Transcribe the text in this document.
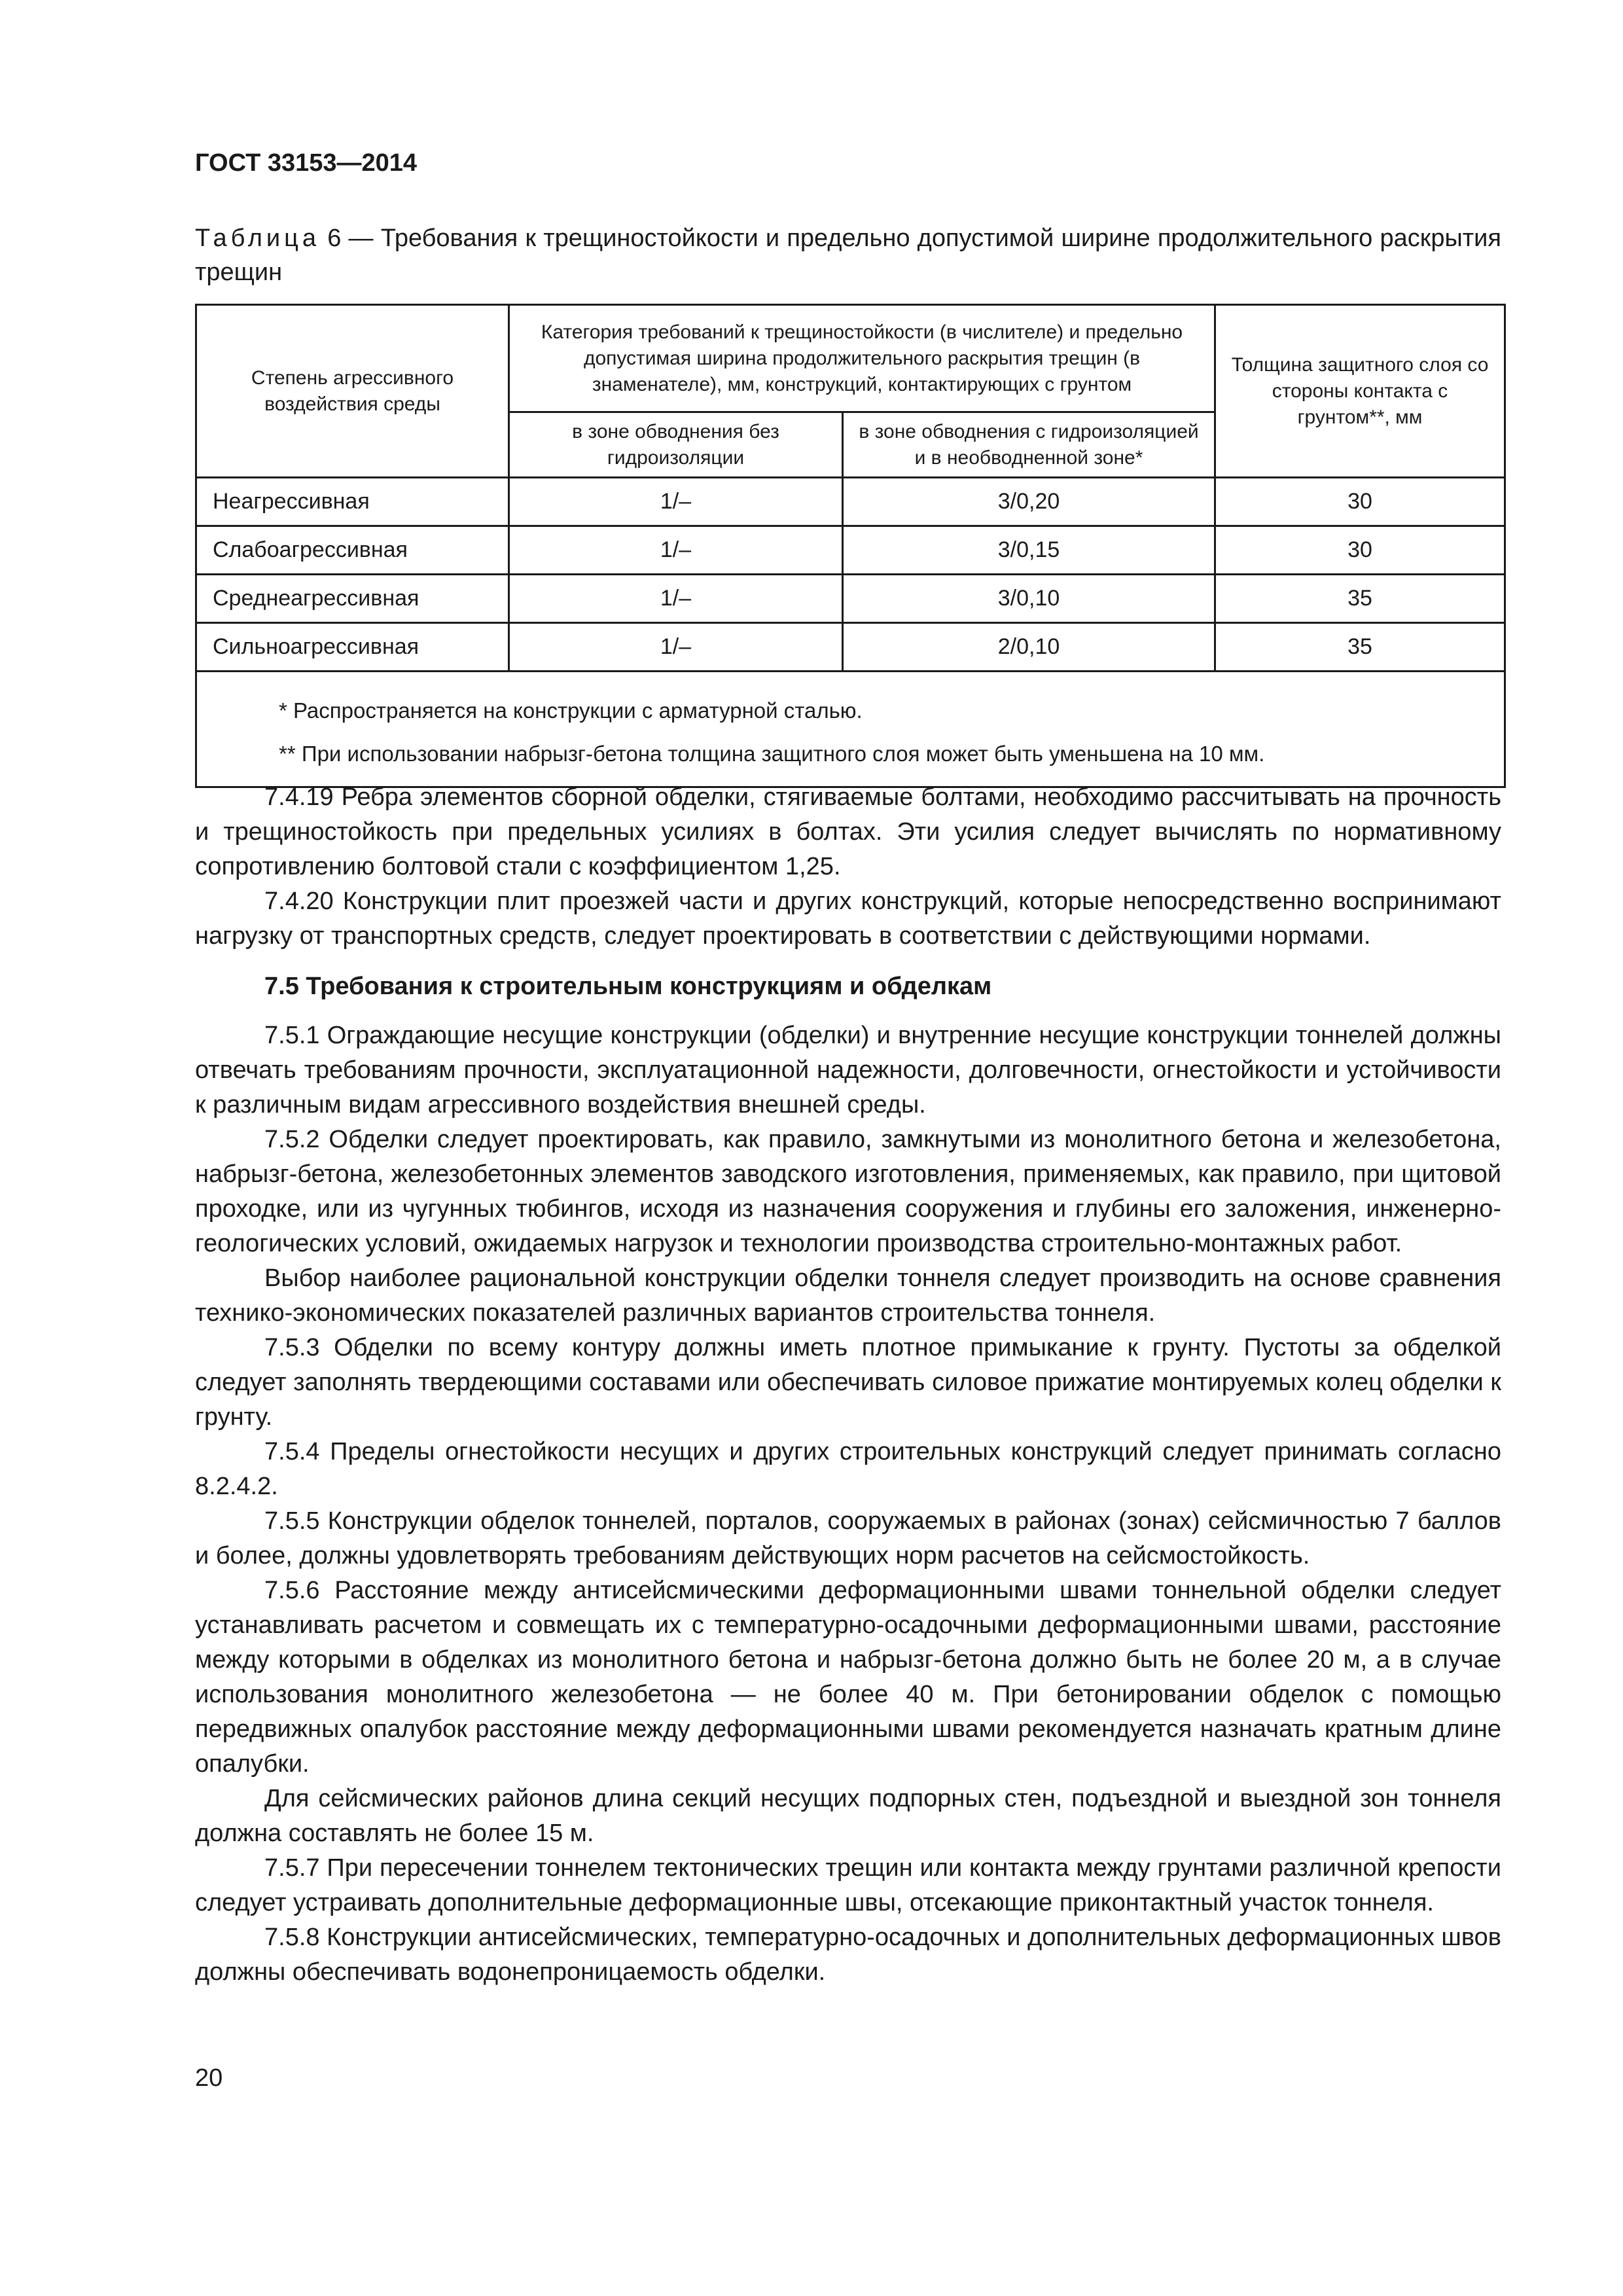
ГОСТ 33153—2014
Таблица 6 — Требования к трещиностойкости и предельно допустимой ширине продолжительного раскрытия трещин
Степень агрессивного воздействия среды	Категория требований к трещиностойкости (в числителе) и предельно допустимая ширина продолжительного раскрытия трещин (в знаменателе), мм, конструкций, контактирующих с грунтом		Толщина защитного слоя со стороны контакта с грунтом**, мм
	в зоне обводнения без гидроизоляции	в зоне обводнения с гидроизоляцией и в необводненной зоне*	
Неагрессивная	1/–	3/0,20	30
Слабоагрессивная	1/–	3/0,15	30
Среднеагрессивная	1/–	3/0,10	35
Сильноагрессивная	1/–	2/0,10	35

* Распространяется на конструкции с арматурной сталью.
** При использовании набрызг-бетона толщина защитного слоя может быть уменьшена на 10 мм.			

7.4.19 Ребра элементов сборной обделки, стягиваемые болтами, необходимо рассчитывать на прочность и трещиностойкость при предельных усилиях в болтах. Эти усилия следует вычислять по нормативному сопротивлению болтовой стали с коэффициентом 1,25.

7.4.20 Конструкции плит проезжей части и других конструкций, которые непосредственно воспринимают нагрузку от транспортных средств, следует проектировать в соответствии с действующими нормами.

7.5 Требования к строительным конструкциям и обделкам

7.5.1 Ограждающие несущие конструкции (обделки) и внутренние несущие конструкции тоннелей должны отвечать требованиям прочности, эксплуатационной надежности, долговечности, огнестойкости и устойчивости к различным видам агрессивного воздействия внешней среды.

7.5.2 Обделки следует проектировать, как правило, замкнутыми из монолитного бетона и железобетона, набрызг-бетона, железобетонных элементов заводского изготовления, применяемых, как правило, при щитовой проходке, или из чугунных тюбингов, исходя из назначения сооружения и глубины его заложения, инженерно-геологических условий, ожидаемых нагрузок и технологии производства строительно-монтажных работ.

Выбор наиболее рациональной конструкции обделки тоннеля следует производить на основе сравнения технико-экономических показателей различных вариантов строительства тоннеля.

7.5.3 Обделки по всему контуру должны иметь плотное примыкание к грунту. Пустоты за обделкой следует заполнять твердеющими составами или обеспечивать силовое прижатие монтируемых колец обделки к грунту.

7.5.4 Пределы огнестойкости несущих и других строительных конструкций следует принимать согласно 8.2.4.2.

7.5.5 Конструкции обделок тоннелей, порталов, сооружаемых в районах (зонах) сейсмичностью 7 баллов и более, должны удовлетворять требованиям действующих норм расчетов на сейсмостойкость.

7.5.6 Расстояние между антисейсмическими деформационными швами тоннельной обделки следует устанавливать расчетом и совмещать их с температурно-осадочными деформационными швами, расстояние между которыми в обделках из монолитного бетона и набрызг-бетона должно быть не более 20 м, а в случае использования монолитного железобетона — не более 40 м. При бетонировании обделок с помощью передвижных опалубок расстояние между деформационными швами рекомендуется назначать кратным длине опалубки.

Для сейсмических районов длина секций несущих подпорных стен, подъездной и выездной зон тоннеля должна составлять не более 15 м.

7.5.7 При пересечении тоннелем тектонических трещин или контакта между грунтами различной крепости следует устраивать дополнительные деформационные швы, отсекающие приконтактный участок тоннеля.

7.5.8 Конструкции антисейсмических, температурно-осадочных и дополнительных деформационных швов должны обеспечивать водонепроницаемость обделки.

20
